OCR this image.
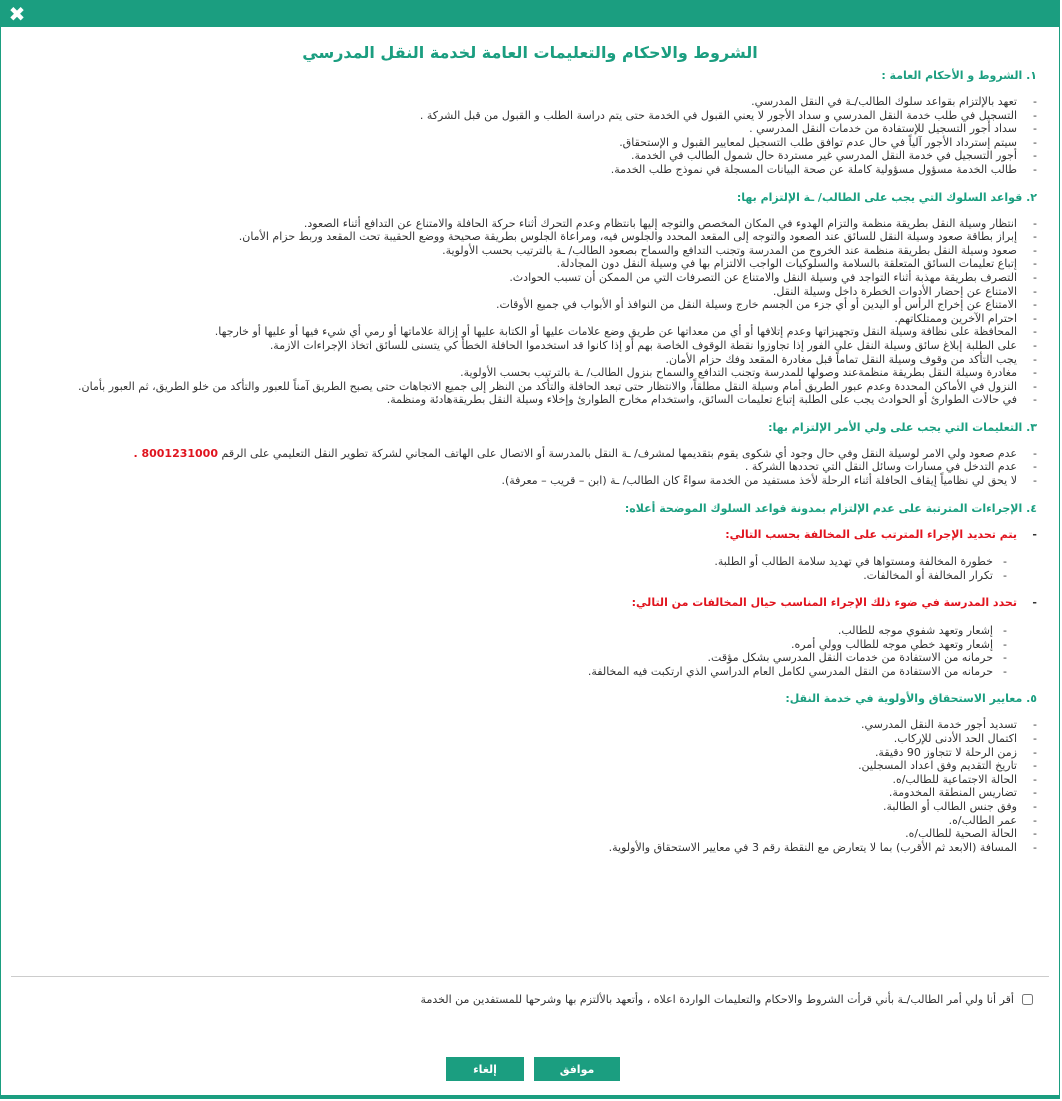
✖
الشروط والاحكام والتعليمات العامة لخدمة النقل المدرسي
١. الشروط و الأحكام العامة :
- تعهد بالإلتزام بقواعد سلوك الطالب/ـة في النقل المدرسي.
- التسجيل في طلب خدمة النقل المدرسي و سداد الأجور لا يعني القبول في الخدمة حتى يتم دراسة الطلب و القبول من قبل الشركة .
- سداد أجور التسجيل للإستفادة من خدمات النقل المدرسي .
- سيتم إسترداد الأجور آلياً في حال عدم توافق طلب التسجيل لمعايير القبول و الإستحقاق.
- أجور التسجيل في خدمة النقل المدرسي غير مستردة حال شمول الطالب في الخدمة.
- طالب الخدمة مسؤول مسؤولية كاملة عن صحة البيانات المسجلة في نموذج طلب الخدمة.
٢. قواعد السلوك التي يجب على الطالب/ ـة الإلتزام بها:
- انتظار وسيلة النقل بطريقة منظمة والتزام الهدوء في المكان المخصص والتوجه إليها بانتظام وعدم التحرك أثناء حركة الحافلة والامتناع عن التدافع أثناء الصعود.
- إبراز بطاقة صعود وسيلة النقل للسائق عند الصعود والتوجه إلى المقعد المحدد والجلوس فيه، ومراعاة الجلوس بطريقة صحيحة ووضع الحقيبة تحت المقعد وربط حزام الأمان.
- صعود وسيلة النقل بطريقة منظمة عند الخروج من المدرسة وتجنب التدافع والسماح بصعود الطالب/ ـة بالترتيب بحسب الأولوية.
- إتباع تعليمات السائق المتعلقة بالسلامة والسلوكيات الواجب الالتزام بها في وسيلة النقل دون المجادلة.
- التصرف بطريقة مهذبة أثناء التواجد في وسيلة النقل والامتناع عن التصرفات التي من الممكن أن تسبب الحوادث.
- الامتناع عن إحضار الأدوات الخطرة داخل وسيلة النقل.
- الامتناع عن إخراج الرأس أو اليدين أو أي جزء من الجسم خارج وسيلة النقل من النوافذ أو الأبواب في جميع الأوقات.
- احترام الآخرين وممتلكاتهم.
- المحافظة على نظافة وسيلة النقل وتجهيزاتها وعدم إتلافها أو أي من معداتها عن طريق وضع علامات عليها أو الكتابة عليها أو إزالة علاماتها أو رمي أي شيء فيها أو عليها أو خارجها.
- على الطلبة إبلاغ سائق وسيلة النقل على الفور إذا تجاوزوا نقطة الوقوف الخاصة بهم أو إذا كانوا قد استخدموا الحافلة الخطأ كي يتسنى للسائق اتخاذ الإجراءات الازمة.
- يجب التأكد من وقوف وسيلة النقل تماماً قبل مغادرة المقعد وفك حزام الأمان.
- مغادرة وسيلة النقل بطريقة منظمةعند وصولها للمدرسة وتجنب التدافع والسماح بنزول الطالب/ ـة بالترتيب بحسب الأولوية.
- النزول في الأماكن المحددة وعدم عبور الطريق أمام وسيلة النقل مطلقاً، والانتظار حتى تبعد الحافلة والتأكد من النظر إلى جميع الاتجاهات حتى يصبح الطريق آمناً للعبور والتأكد من خلو الطريق، ثم العبور بأمان.
- في حالات الطوارئ أو الحوادث يجب على الطلبة إتباع تعليمات السائق، واستخدام مخارج الطوارئ وإخلاء وسيلة النقل بطريقةهادئة ومنظمة.
٣. التعليمات التي يجب على ولي الأمر الإلتزام بها:
- عدم صعود ولي الامر لوسيلة النقل وفي حال وجود أي شكوى يقوم بتقديمها لمشرف/ ـة النقل بالمدرسة أو الاتصال على الهاتف المجاني لشركة تطوير النقل التعليمي على الرقم 8001231000 .
- عدم التدخل في مسارات وسائل النقل التي تحددها الشركة .
- لا يحق لي نظامياً إيقاف الحافلة أثناء الرحلة لأخذ مستفيد من الخدمة سواءً كان الطالب/ ـة (ابن – قريب – معرفة).
٤. الإجراءات المترتبة على عدم الإلتزام بمدونة قواعد السلوك الموضحة أعلاه:
- يتم تحديد الإجراء المترتب على المخالفة بحسب التالي:
- خطورة المخالفة ومستواها في تهديد سلامة الطالب أو الطلبة.
- تكرار المخالفة أو المخالفات.
- تحدد المدرسة في ضوء ذلك الإجراء المناسب حيال المخالفات من التالي:
- إشعار وتعهد شفوي موجه للطالب.
- إشعار وتعهد خطي موجه للطالب وولي أمره.
- حرمانه من الاستفادة من خدمات النقل المدرسي بشكل مؤقت.
- حرمانه من الاستفادة من النقل المدرسي لكامل العام الدراسي الذي ارتكبت فيه المخالفة.
٥. معايير الاستحقاق والأولوية في خدمة النقل:
- تسديد أجور خدمة النقل المدرسي.
- اكتمال الحد الأدنى للإركاب.
- زمن الرحلة لا تتجاوز 90 دقيقة.
- تاريخ التقديم وفق اعداد المسجلين.
- الحالة الاجتماعية للطالب/ه.
- تضاريس المنطقة المخدومة.
- وفق جنس الطالب أو الطالبة.
- عمر الطالب/ه.
- الحالة الصحية للطالب/ه.
- المسافة (الابعد ثم الأقرب) بما لا يتعارض مع النقطة رقم 3 في معايير الاستحقاق والأولوية.
أقر أنا ولي أمر الطالب/ـة بأني قرأت الشروط والاحكام والتعليمات الواردة اعلاه ، وأتعهد بالألتزم بها وشرحها للمستفدين من الخدمة
إلغاء	موافق
